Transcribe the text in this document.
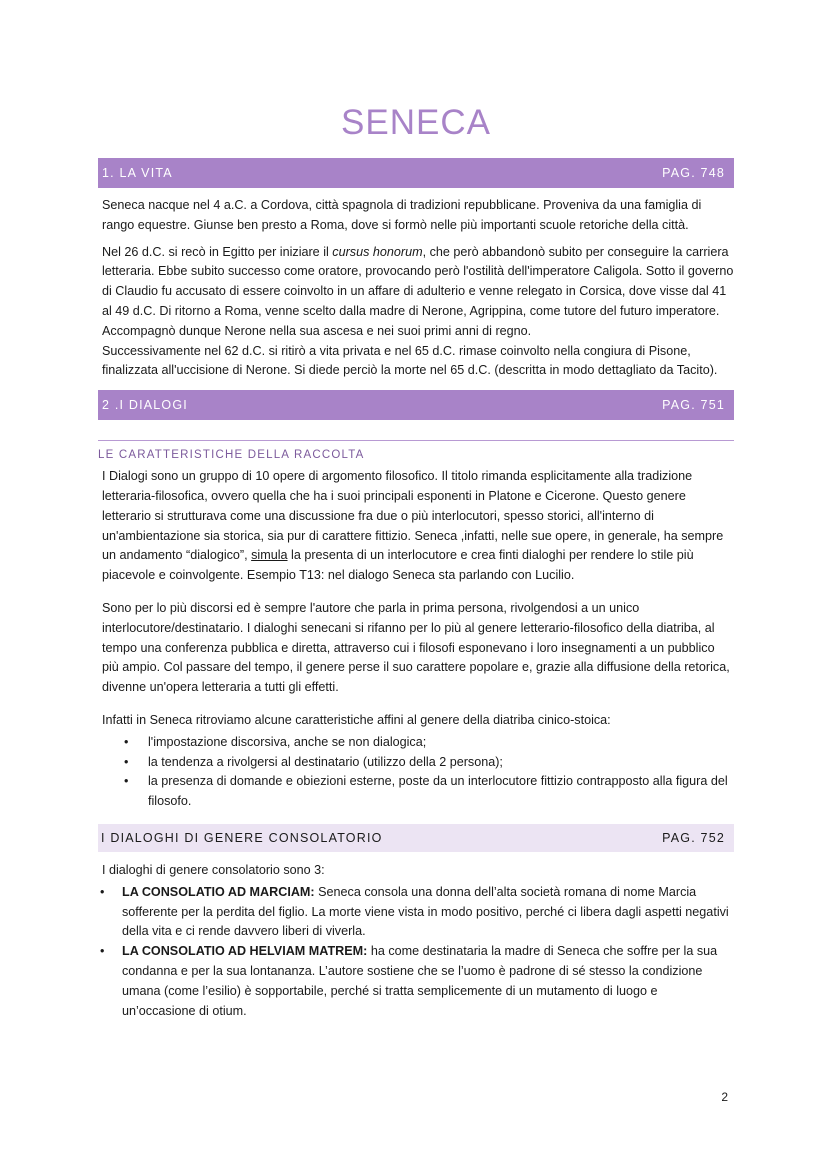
SENECA
1. LA VITA	PAG. 748

Seneca nacque nel 4 a.C. a Cordova, città spagnola di tradizioni repubblicane. Proveniva da una famiglia di rango equestre. Giunse ben presto a Roma, dove si formò nelle più importanti scuole retoriche della città.

Nel 26 d.C. si recò in Egitto per iniziare il cursus honorum, che però abbandonò subito per conseguire la carriera letteraria. Ebbe subito successo come oratore, provocando però l'ostilità dell'imperatore Caligola. Sotto il governo di Claudio fu accusato di essere coinvolto in un affare di adulterio e venne relegato in Corsica, dove visse dal 41 al 49 d.C. Di ritorno a Roma, venne scelto dalla madre di Nerone, Agrippina, come tutore del futuro imperatore.

Accompagnò dunque Nerone nella sua ascesa e nei suoi primi anni di regno.

Successivamente nel 62 d.C. si ritirò a vita privata e nel 65 d.C. rimase coinvolto nella congiura di Pisone, finalizzata all'uccisione di Nerone. Si diede perciò la morte nel 65 d.C. (descritta in modo dettagliato da Tacito).

2 .I DIALOGI	PAG. 751
LE CARATTERISTICHE DELLA RACCOLTA

I Dialogi sono un gruppo di 10 opere di argomento filosofico. Il titolo rimanda esplicitamente alla tradizione letteraria-filosofica, ovvero quella che ha i suoi principali esponenti in Platone e Cicerone. Questo genere letterario si strutturava come una discussione fra due o più interlocutori, spesso storici, all'interno di un'ambientazione sia storica, sia pur di carattere fittizio. Seneca ,infatti, nelle sue opere, in generale, ha sempre un andamento “dialogico”, simula la presenta di un interlocutore e crea finti dialoghi per rendere lo stile più piacevole e coinvolgente. Esempio T13: nel dialogo Seneca sta parlando con Lucilio.

Sono per lo più discorsi ed è sempre l'autore che parla in prima persona, rivolgendosi a un unico interlocutore/destinatario. I dialoghi senecani si rifanno per lo più al genere letterario-filosofico della diatriba, al tempo una conferenza pubblica e diretta, attraverso cui i filosofi esponevano i loro insegnamenti a un pubblico più ampio. Col passare del tempo, il genere perse il suo carattere popolare e, grazie alla diffusione della retorica, divenne un'opera letteraria a tutti gli effetti.

Infatti in Seneca ritroviamo alcune caratteristiche affini al genere della diatriba cinico-stoica:

• l'impostazione discorsiva, anche se non dialogica;
• la tendenza a rivolgersi al destinatario (utilizzo della 2 persona);
• la presenza di domande e obiezioni esterne, poste da un interlocutore fittizio contrapposto alla figura del filosofo.
I DIALOGHI DI GENERE CONSOLATORIO	PAG. 752

I dialoghi di genere consolatorio sono 3:

• LA CONSOLATIO AD MARCIAM: Seneca consola una donna dell’alta società romana di nome Marcia sofferente per la perdita del figlio. La morte viene vista in modo positivo, perché ci libera dagli aspetti negativi della vita e ci rende davvero liberi di viverla.
• LA CONSOLATIO AD HELVIAM MATREM: ha come destinataria la madre di Seneca che soffre per la sua condanna e per la sua lontananza. L’autore sostiene che se l’uomo è padrone di sé stesso la condizione umana (come l’esilio) è sopportabile, perché si tratta semplicemente di un mutamento di luogo e un’occasione di otium.
2
